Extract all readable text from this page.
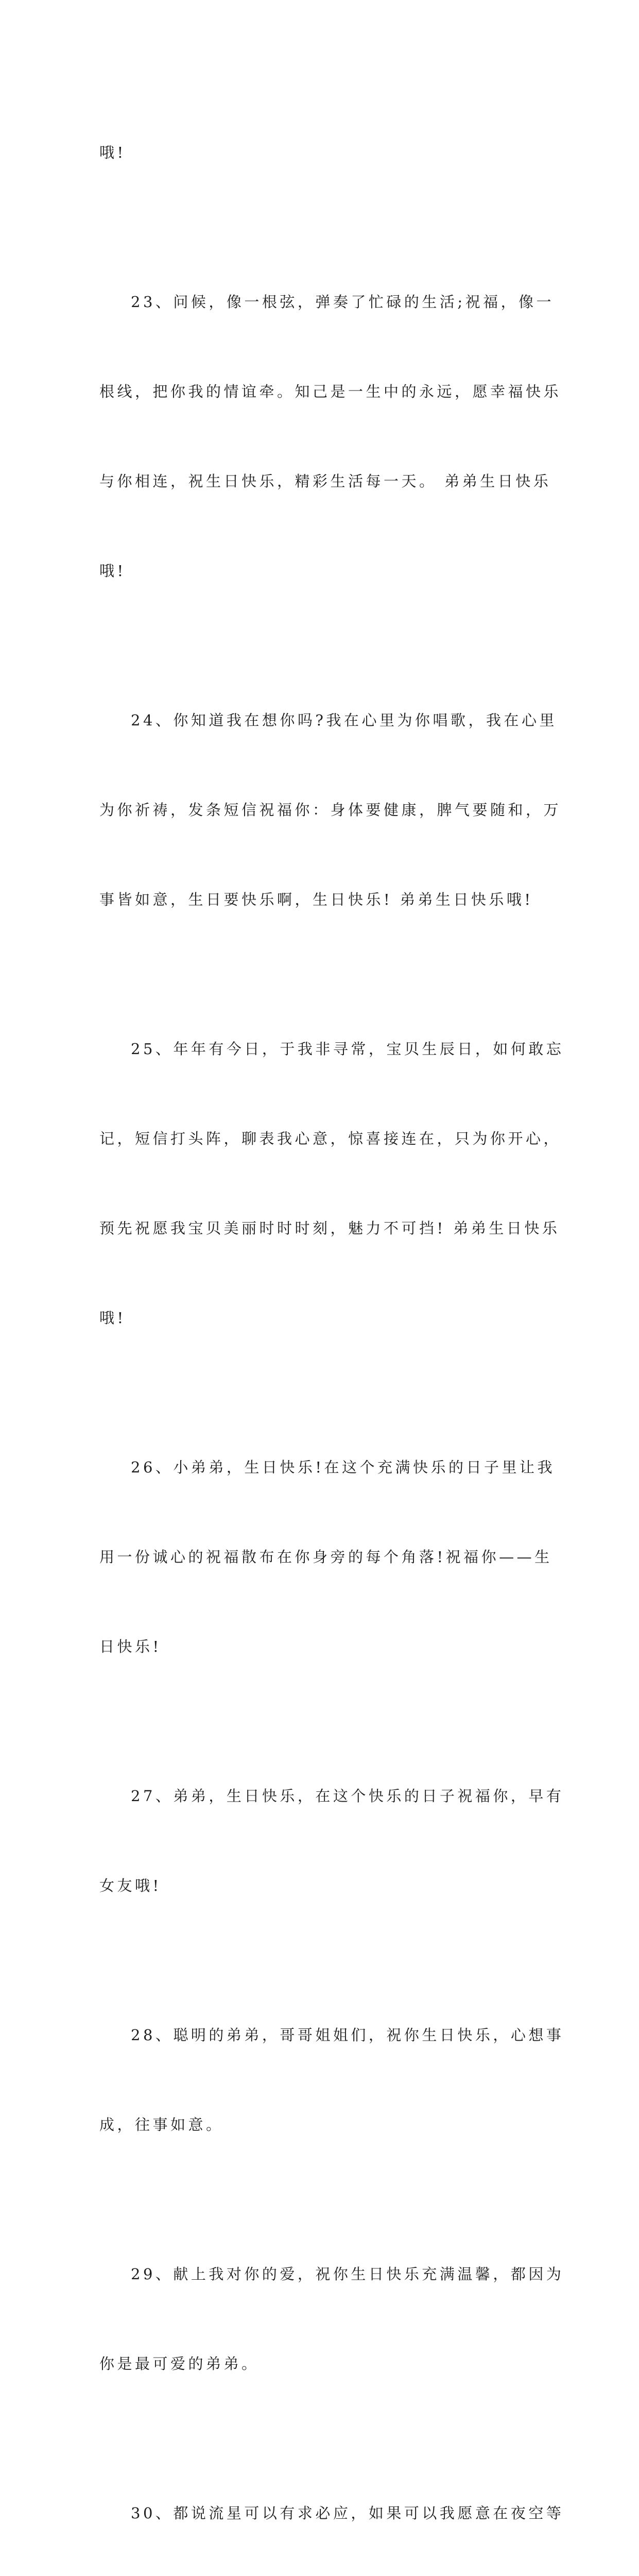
哦!

23、问候，像一根弦，弹奏了忙碌的生活;祝福，像一

根线，把你我的情谊牵。知己是一生中的永远，愿幸福快乐

与你相连，祝生日快乐，精彩生活每一天。 弟弟生日快乐

哦!

24、你知道我在想你吗?我在心里为你唱歌，我在心里

为你祈祷，发条短信祝福你：身体要健康，脾气要随和，万

事皆如意，生日要快乐啊，生日快乐! 弟弟生日快乐哦!

25、年年有今日，于我非寻常，宝贝生辰日，如何敢忘

记，短信打头阵，聊表我心意，惊喜接连在，只为你开心，

预先祝愿我宝贝美丽时时时刻，魅力不可挡! 弟弟生日快乐

哦!

26、小弟弟，生日快乐!在这个充满快乐的日子里让我

用一份诚心的祝福散布在你身旁的每个角落!祝福你——生

日快乐!

27、弟弟，生日快乐，在这个快乐的日子祝福你，早有

女友哦!

28、聪明的弟弟，哥哥姐姐们，祝你生日快乐，心想事

成，往事如意。

29、献上我对你的爱，祝你生日快乐充满温馨，都因为

你是最可爱的弟弟。

30、都说流星可以有求必应，如果可以我愿意在夜空等
